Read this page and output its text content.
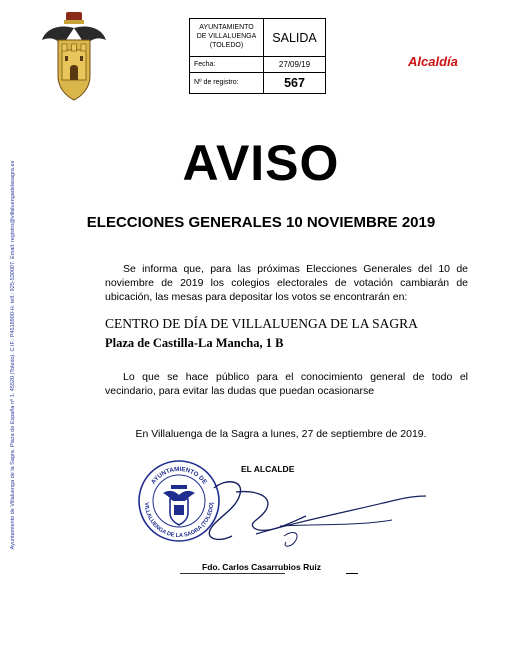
AYUNTAMIENTO
DE VILLALUENGA
(TOLEDO)
SALIDA
Fecha:	27/09/19
Nº de registro:	567
Alcaldía
AVISO
ELECCIONES GENERALES 10 NOVIEMBRE 2019
Se informa que, para las próximas Elecciones Generales del 10 de noviembre de 2019 los colegios electorales de votación cambiarán de ubicación, las mesas para depositar los votos se encontrarán en:
CENTRO DE DÍA DE VILLALUENGA DE LA SAGRA
Plaza de Castilla-La Mancha, 1 B
Lo que se hace público para el conocimiento general de todo el vecindario, para evitar las dudas que puedan ocasionarse
En Villaluenga de la Sagra a lunes, 27 de septiembre de 2019.
EL ALCALDE
AYUNTAMIENTO DE
VILLALUENGA DE LA SAGRA (TOLEDO)
Fdo. Carlos Casarrubios Ruiz
Ayuntamiento de Villaluenga de la Sagra. Plaza de España nº 1. 45520 (Toledo). C.IF.: P4518900-H. telf.: 925-530007. Email: registro@villaluengadelasagra.es
